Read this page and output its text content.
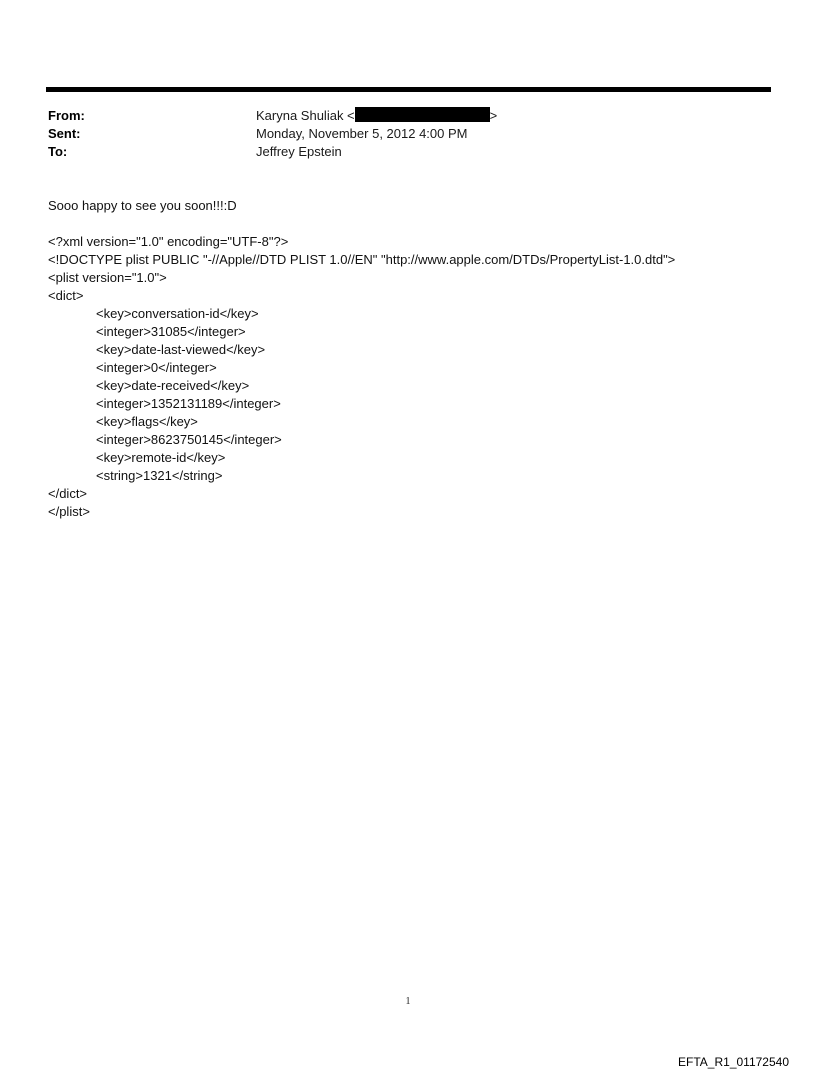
From:	Karyna Shuliak <	>
Sent:	Monday, November 5, 2012 4:00 PM
To:	Jeffrey Epstein
Sooo happy to see you soon!!!:D
<?xml version="1.0" encoding="UTF-8"?>
<!DOCTYPE plist PUBLIC "-//Apple//DTD PLIST 1.0//EN" "http://www.apple.com/DTDs/PropertyList-1.0.dtd">
<plist version="1.0">
<dict>
<key>conversation-id</key>
<integer>31085</integer>
<key>date-last-viewed</key>
<integer>0</integer>
<key>date-received</key>
<integer>1352131189</integer>
<key>flags</key>
<integer>8623750145</integer>
<key>remote-id</key>
<string>1321</string>
</dict>
</plist>
1
EFTA_R1_01172540
